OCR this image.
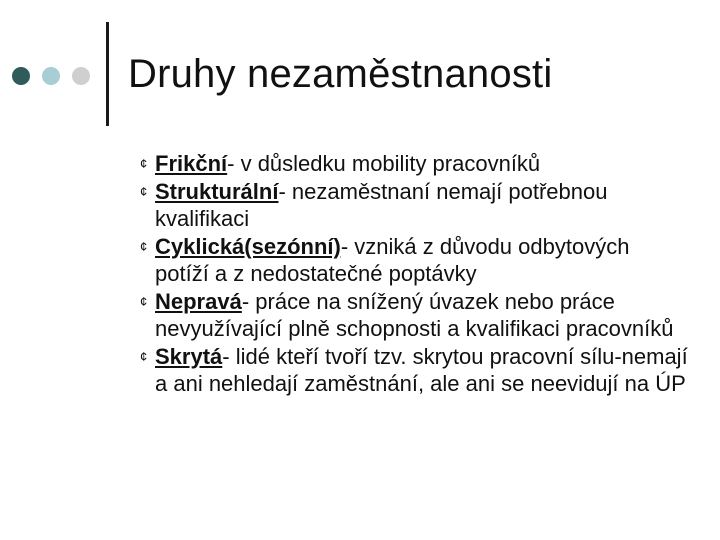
Druhy nezaměstnanosti
¢ Frikční- v důsledku mobility pracovníků
¢ Strukturální- nezaměstnaní nemají potřebnou kvalifikaci
¢ Cyklická(sezónní)- vzniká z důvodu odbytových potíží a z nedostatečné poptávky
¢ Nepravá- práce na snížený úvazek nebo práce nevyužívající plně schopnosti a kvalifikaci pracovníků
¢ Skrytá- lidé kteří tvoří tzv. skrytou pracovní sílu-nemají a ani nehledají zaměstnání, ale ani se neevidují na ÚP
